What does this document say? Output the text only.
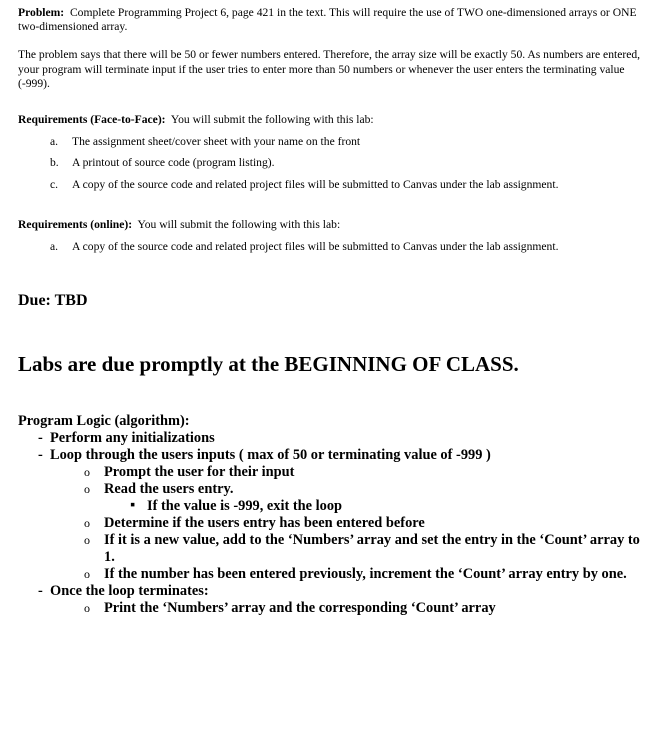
Problem: Complete Programming Project 6, page 421 in the text. This will require the use of TWO one-dimensioned arrays or ONE two-dimensioned array.

The problem says that there will be 50 or fewer numbers entered. Therefore, the array size will be exactly 50. As numbers are entered, your program will terminate input if the user tries to enter more than 50 numbers or whenever the user enters the terminating value (-999).

Requirements (Face-to-Face): You will submit the following with this lab:

a. The assignment sheet/cover sheet with your name on the front
b. A printout of source code (program listing).
c. A copy of the source code and related project files will be submitted to Canvas under the lab assignment.

Requirements (online): You will submit the following with this lab:

a. A copy of the source code and related project files will be submitted to Canvas under the lab assignment.

Due: TBD

Labs are due promptly at the BEGINNING OF CLASS.

Program Logic (algorithm):

- Perform any initializations

- Loop through the users inputs ( max of 50 or terminating value of -999 )

o Prompt the user for their input

o Read the users entry.

▪ If the value is -999, exit the loop

o Determine if the users entry has been entered before

o If it is a new value, add to the ‘Numbers’ array and set the entry in the ‘Count’ array to 1.

o If the number has been entered previously, increment the ‘Count’ array entry by one.

- Once the loop terminates:

o Print the ‘Numbers’ array and the corresponding ‘Count’ array
